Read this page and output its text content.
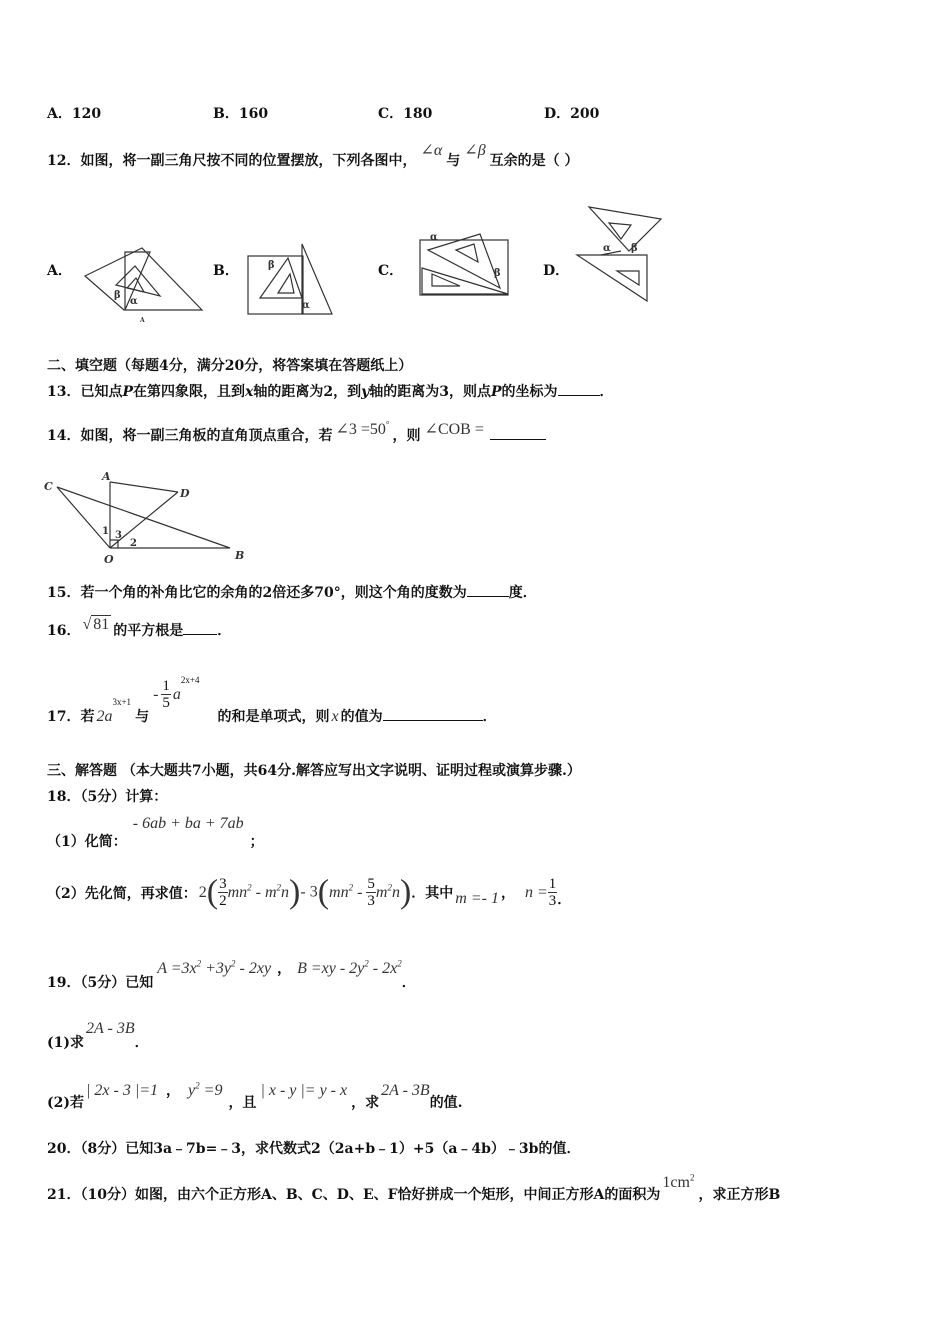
A．120	B．160	C．180	D．200
12．如图，将一副三角尺按不同的位置摆放，下列各图中，∠α与∠β互余的是（ ）
A．	B．	C．	D．
β
α
A
β
α
α
β
α β
二、填空题（每题4分，满分20分，将答案填在答题纸上）
13．已知点P在第四象限，且到x轴的距离为2，到y轴的距离为3，则点P的坐标为	．
14．如图，将一副三角板的直角顶点重合，若 ∠3 =50°，则 ∠COB =
C
A
D
B
O
1 3
2
15．若一个角的补角比它的余角的2倍还多70°，则这个角的度数为	度．
16． √ 81 的平方根是 ．
17．若 2a3x+1与- $\frac{1}{5} a^{2x+4}$的和是单项式，则 x 的值为	．
三、解答题 （本大题共7小题，共64分.解答应写出文字说明、证明过程或演算步骤.）
18．（5分）计算：
（1）化简：- 6ab + ba + 7ab；
（2）先化简，再求值： $2( \frac{3}{2} mn^2 - m^2n)-$ $3(mn^2 - \frac{5}{3} m^2n)$．其中 m =- 1 ， $n = \frac{1}{3}$ ．
19．（5分）已知$A =3x^2 +3y^2 - 2xy$ ， $B =xy - 2y^2 - 2x^2$．
(1)求2A - 3B．
(2)若| 2x - 3 |=1 ， $y^2 =9$，且| x - y |= y - x，求2A - 3B的值.
20．（8分）已知3a﹣7b=﹣3，求代数式2（2a+b﹣1）+5（a﹣4b）﹣3b的值．
21．（10分）如图，由六个正方形A、B、C、D、E、F恰好拼成一个矩形，中间正方形A的面积为$1cm^2$，求正方形B
